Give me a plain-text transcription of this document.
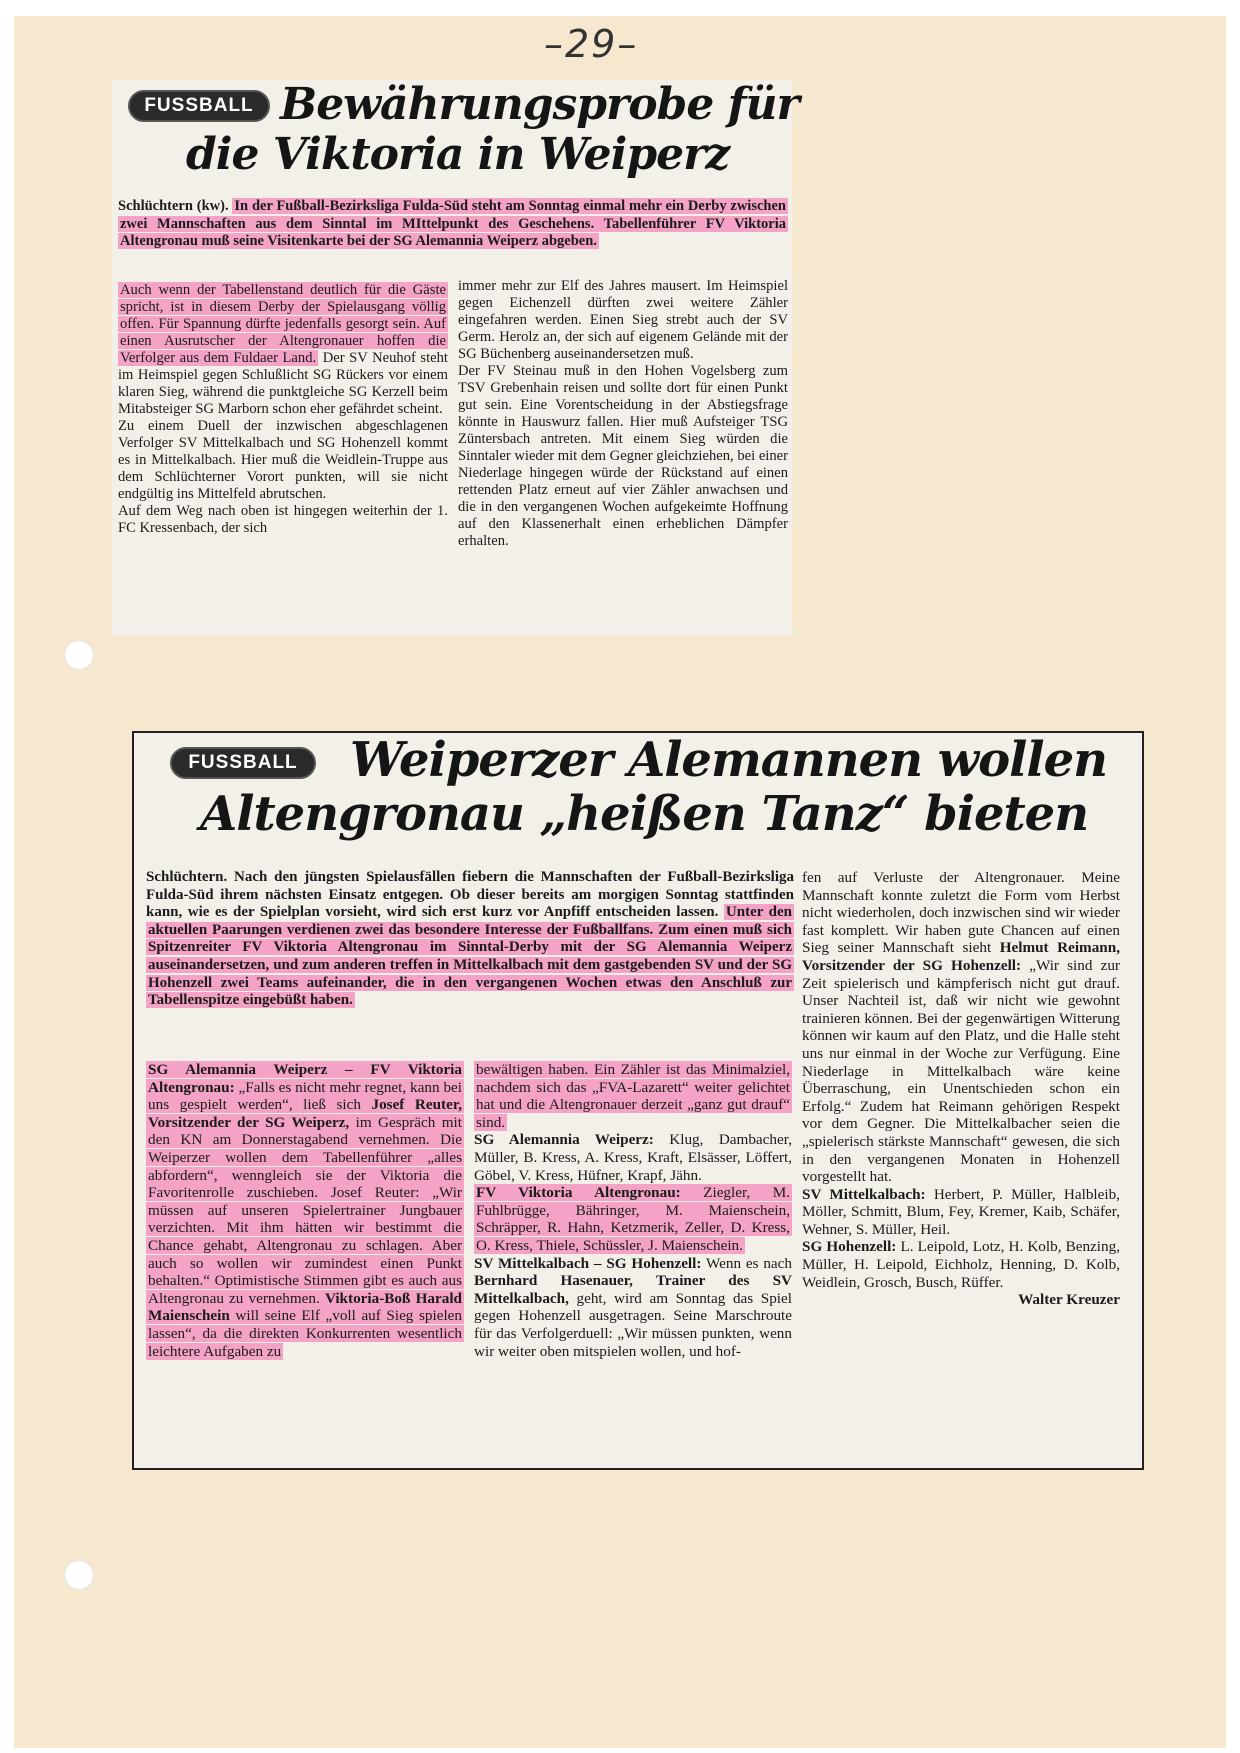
–29–
FUSSBALL Bewährungsprobe für
die Viktoria in Weiperz
Schlüchtern (kw). In der Fußball-Bezirksliga Fulda-Süd steht am Sonntag einmal mehr ein Derby zwischen zwei Mannschaften aus dem Sinntal im MIttelpunkt des Geschehens. Tabellenführer FV Viktoria Altengronau muß seine Visitenkarte bei der SG Alemannia Weiperz abgeben.

Auch wenn der Tabellenstand deutlich für die Gäste spricht, ist in diesem Derby der Spielausgang völlig offen. Für Spannung dürfte jedenfalls gesorgt sein. Auf einen Ausrutscher der Altengronauer hoffen die Verfolger aus dem Fuldaer Land. Der SV Neuhof steht im Heimspiel gegen Schlußlicht SG Rückers vor einem klaren Sieg, während die punktgleiche SG Kerzell beim Mitabsteiger SG Marborn schon eher gefährdet scheint.

Zu einem Duell der inzwischen abgeschlagenen Verfolger SV Mittelkalbach und SG Hohenzell kommt es in Mittelkalbach. Hier muß die Weidlein-Truppe aus dem Schlüchterner Vorort punkten, will sie nicht endgültig ins Mittelfeld abrutschen.

Auf dem Weg nach oben ist hingegen weiterhin der 1. FC Kressenbach, der sich

immer mehr zur Elf des Jahres mausert. Im Heimspiel gegen Eichenzell dürften zwei weitere Zähler eingefahren werden. Einen Sieg strebt auch der SV Germ. Herolz an, der sich auf eigenem Gelände mit der SG Büchenberg auseinandersetzen muß.

Der FV Steinau muß in den Hohen Vogelsberg zum TSV Grebenhain reisen und sollte dort für einen Punkt gut sein. Eine Vorentscheidung in der Abstiegsfrage könnte in Hauswurz fallen. Hier muß Aufsteiger TSG Züntersbach antreten. Mit einem Sieg würden die Sinntaler wieder mit dem Gegner gleichziehen, bei einer Niederlage hingegen würde der Rückstand auf einen rettenden Platz erneut auf vier Zähler anwachsen und die in den vergangenen Wochen aufgekeimte Hoffnung auf den Klassenerhalt einen erheblichen Dämpfer erhalten.

FUSSBALL	Weiperzer Alemannen wollen
Altengronau „heißen Tanz“ bieten
Schlüchtern. Nach den jüngsten Spielausfällen fiebern die Mannschaften der Fußball-Bezirksliga Fulda-Süd ihrem nächsten Einsatz entgegen. Ob dieser bereits am morgigen Sonntag stattfinden kann, wie es der Spielplan vorsieht, wird sich erst kurz vor Anpfiff entscheiden lassen. Unter den aktuellen Paarungen verdienen zwei das besondere Interesse der Fußballfans. Zum einen muß sich Spitzenreiter FV Viktoria Altengronau im Sinntal-Derby mit der SG Alemannia Weiperz auseinandersetzen, und zum anderen treffen in Mittelkalbach mit dem gastgebenden SV und der SG Hohenzell zwei Teams aufeinander, die in den vergangenen Wochen etwas den Anschluß zur Tabellenspitze eingebüßt haben.

SG Alemannia Weiperz – FV Viktoria Altengronau: „Falls es nicht mehr regnet, kann bei uns gespielt werden“, ließ sich Josef Reuter, Vorsitzender der SG Weiperz, im Gespräch mit den KN am Donnerstagabend vernehmen. Die Weiperzer wollen dem Tabellenführer „alles abfordern“, wenngleich sie der Viktoria die Favoritenrolle zuschieben. Josef Reuter: „Wir müssen auf unseren Spielertrainer Jungbauer verzichten. Mit ihm hätten wir bestimmt die Chance gehabt, Altengronau zu schlagen. Aber auch so wollen wir zumindest einen Punkt behalten.“ Optimistische Stimmen gibt es auch aus Altengronau zu vernehmen. Viktoria-Boß Harald Maienschein will seine Elf „voll auf Sieg spielen lassen“, da die direkten Konkurrenten wesentlich leichtere Aufgaben zu

bewältigen haben. Ein Zähler ist das Minimalziel, nachdem sich das „FVA-Lazarett“ weiter gelichtet hat und die Altengronauer derzeit „ganz gut drauf“ sind.

SG Alemannia Weiperz: Klug, Dambacher, Müller, B. Kress, A. Kress, Kraft, Elsässer, Löffert, Göbel, V. Kress, Hüfner, Krapf, Jähn.

FV Viktoria Altengronau: Ziegler, M. Fuhlbrügge, Bähringer, M. Maienschein, Schräpper, R. Hahn, Ketzmerik, Zeller, D. Kress, O. Kress, Thiele, Schüssler, J. Maienschein.

SV Mittelkalbach – SG Hohenzell: Wenn es nach Bernhard Hasenauer, Trainer des SV Mittelkalbach, geht, wird am Sonntag das Spiel gegen Hohenzell ausgetragen. Seine Marschroute für das Verfolgerduell: „Wir müssen punkten, wenn wir weiter oben mitspielen wollen, und hof-

fen auf Verluste der Altengronauer. Meine Mannschaft konnte zuletzt die Form vom Herbst nicht wiederholen, doch inzwischen sind wir wieder fast komplett. Wir haben gute Chancen auf einen Sieg seiner Mannschaft sieht Helmut Reimann, Vorsitzender der SG Hohenzell: „Wir sind zur Zeit spielerisch und kämpferisch nicht gut drauf. Unser Nachteil ist, daß wir nicht wie gewohnt trainieren können. Bei der gegenwärtigen Witterung können wir kaum auf den Platz, und die Halle steht uns nur einmal in der Woche zur Verfügung. Eine Niederlage in Mittelkalbach wäre keine Überraschung, ein Unentschieden schon ein Erfolg.“ Zudem hat Reimann gehörigen Respekt vor dem Gegner. Die Mittelkalbacher seien die „spielerisch stärkste Mannschaft“ gewesen, die sich in den vergangenen Monaten in Hohenzell vorgestellt hat.

SV Mittelkalbach: Herbert, P. Müller, Halbleib, Möller, Schmitt, Blum, Fey, Kremer, Kaib, Schäfer, Wehner, S. Müller, Heil.

SG Hohenzell: L. Leipold, Lotz, H. Kolb, Benzing, Müller, H. Leipold, Eichholz, Henning, D. Kolb, Weidlein, Grosch, Busch, Rüffer.

Walter Kreuzer
